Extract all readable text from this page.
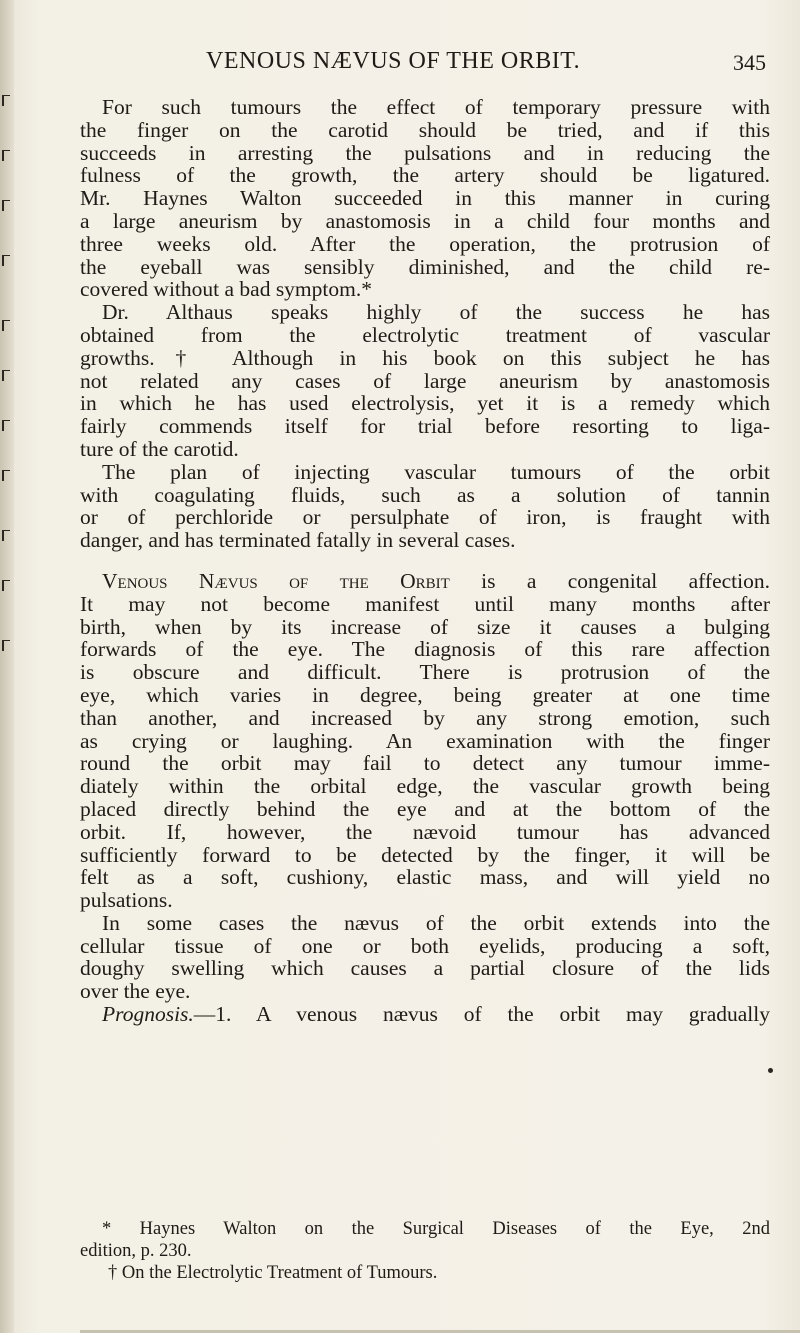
VENOUS NÆVUS OF THE ORBIT.	345
For such tumours the effect of temporary pressure with
the finger on the carotid should be tried, and if this
succeeds in arresting the pulsations and in reducing the
fulness of the growth, the artery should be ligatured.
Mr. Haynes Walton succeeded in this manner in curing
a large aneurism by anastomosis in a child four months and
three weeks old. After the operation, the protrusion of
the eyeball was sensibly diminished, and the child re-
covered without a bad symptom.*
Dr. Althaus speaks highly of the success he has
obtained from the electrolytic treatment of vascular
growths.† Although in his book on this subject he has
not related any cases of large aneurism by anastomosis
in which he has used electrolysis, yet it is a remedy which
fairly commends itself for trial before resorting to liga-
ture of the carotid.
The plan of injecting vascular tumours of the orbit
with coagulating fluids, such as a solution of tannin
or of perchloride or persulphate of iron, is fraught with
danger, and has terminated fatally in several cases.
Venous Nævus of the Orbit is a congenital affection.
It may not become manifest until many months after
birth, when by its increase of size it causes a bulging
forwards of the eye. The diagnosis of this rare affection
is obscure and difficult. There is protrusion of the
eye, which varies in degree, being greater at one time
than another, and increased by any strong emotion, such
as crying or laughing. An examination with the finger
round the orbit may fail to detect any tumour imme-
diately within the orbital edge, the vascular growth being
placed directly behind the eye and at the bottom of the
orbit. If, however, the nævoid tumour has advanced
sufficiently forward to be detected by the finger, it will be
felt as a soft, cushiony, elastic mass, and will yield no
pulsations.
In some cases the nævus of the orbit extends into the
cellular tissue of one or both eyelids, producing a soft,
doughy swelling which causes a partial closure of the lids
over the eye.
Prognosis.—1. A venous nævus of the orbit may gradually
* Haynes Walton on the Surgical Diseases of the Eye, 2nd
edition, p. 230.
† On the Electrolytic Treatment of Tumours.
